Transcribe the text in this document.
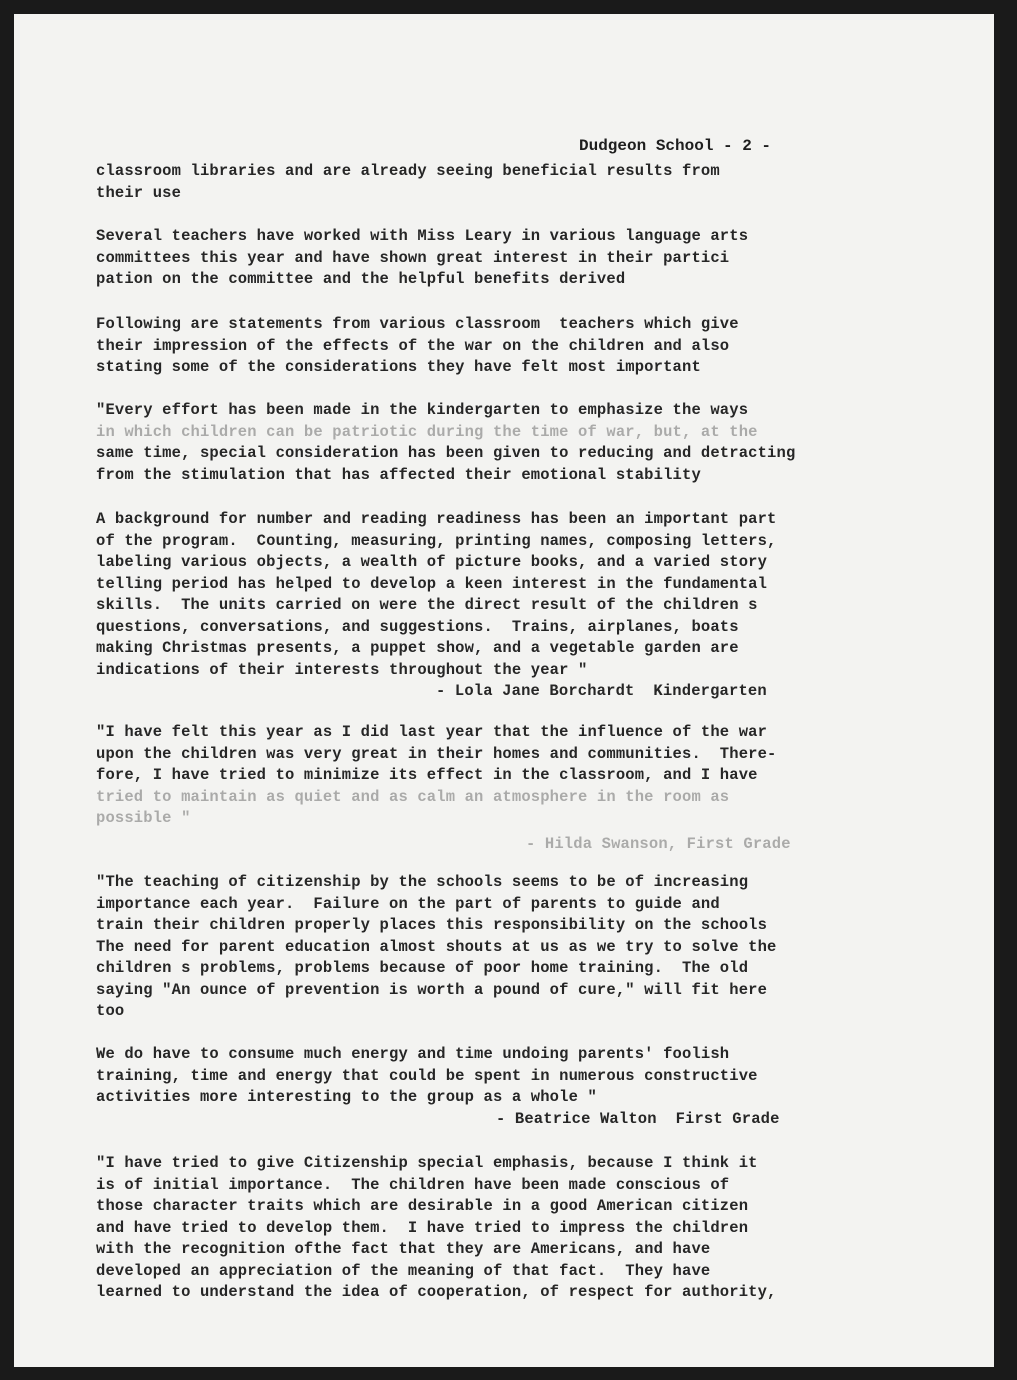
Dudgeon School - 2 -
classroom libraries and are already seeing beneficial results from
their use
Several teachers have worked with Miss Leary in various language arts
committees this year and have shown great interest in their partici
pation on the committee and the helpful benefits derived
Following are statements from various classroom  teachers which give
their impression of the effects of the war on the children and also
stating some of the considerations they have felt most important
"Every effort has been made in the kindergarten to emphasize the ways
in which children can be patriotic during the time of war, but, at the
same time, special consideration has been given to reducing and detracting
from the stimulation that has affected their emotional stability
A background for number and reading readiness has been an important part
of the program.  Counting, measuring, printing names, composing letters,
labeling various objects, a wealth of picture books, and a varied story
telling period has helped to develop a keen interest in the fundamental
skills.  The units carried on were the direct result of the children s
questions, conversations, and suggestions.  Trains, airplanes, boats
making Christmas presents, a puppet show, and a vegetable garden are
indications of their interests throughout the year "
- Lola Jane Borchardt  Kindergarten
"I have felt this year as I did last year that the influence of the war
upon the children was very great in their homes and communities.  There-
fore, I have tried to minimize its effect in the classroom, and I have
tried to maintain as quiet and as calm an atmosphere in the room as
possible "
- Hilda Swanson, First Grade
"The teaching of citizenship by the schools seems to be of increasing
importance each year.  Failure on the part of parents to guide and
train their children properly places this responsibility on the schools
The need for parent education almost shouts at us as we try to solve the
children s problems, problems because of poor home training.  The old
saying "An ounce of prevention is worth a pound of cure," will fit here
too
We do have to consume much energy and time undoing parents' foolish
training, time and energy that could be spent in numerous constructive
activities more interesting to the group as a whole "
- Beatrice Walton  First Grade
"I have tried to give Citizenship special emphasis, because I think it
is of initial importance.  The children have been made conscious of
those character traits which are desirable in a good American citizen
and have tried to develop them.  I have tried to impress the children
with the recognition ofthe fact that they are Americans, and have
developed an appreciation of the meaning of that fact.  They have
learned to understand the idea of cooperation, of respect for authority,
